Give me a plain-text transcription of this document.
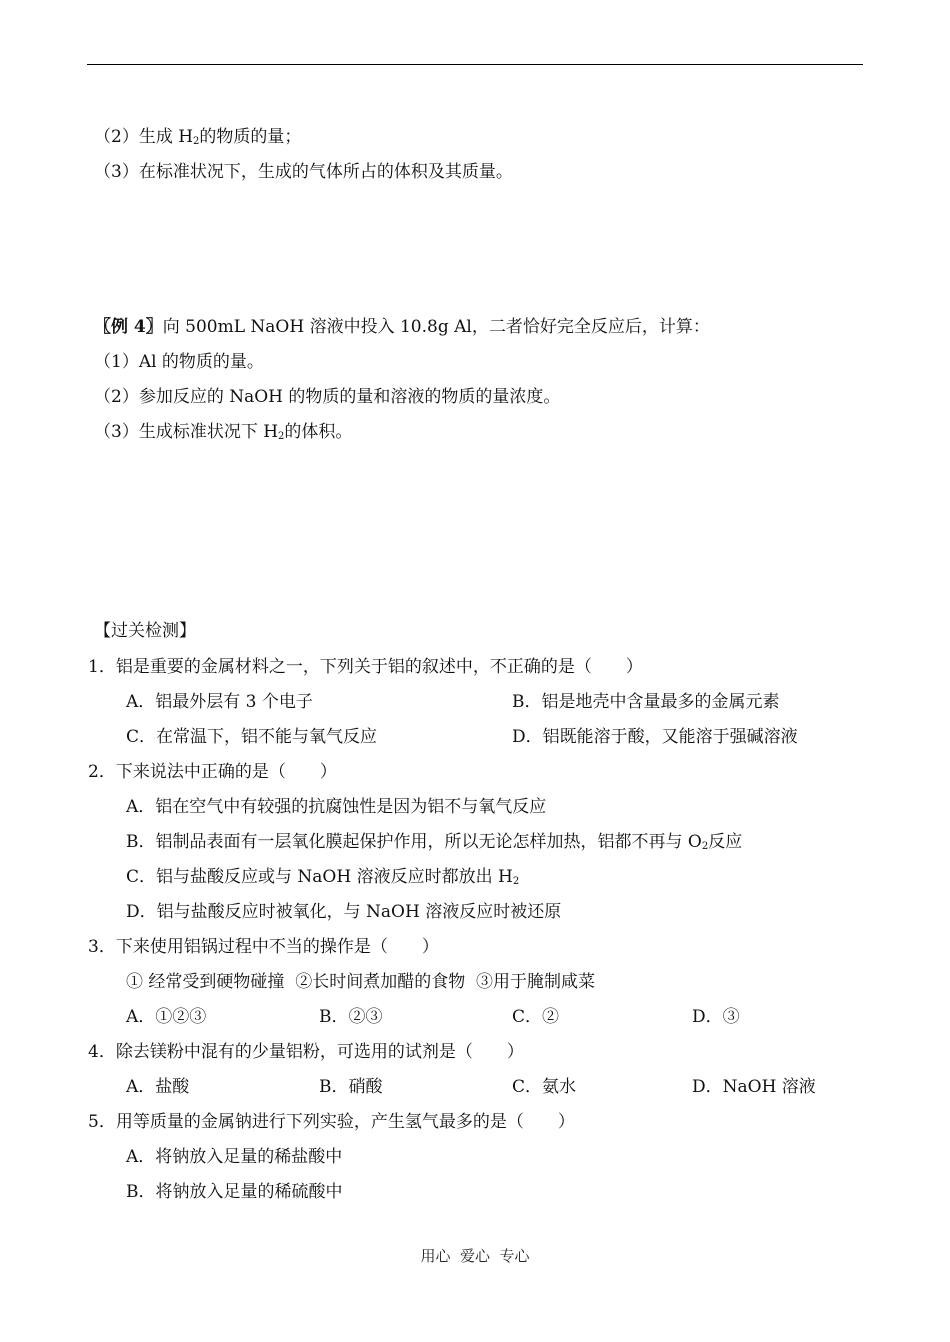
（2）生成 $H_2$的物质的量；
（3）在标准状况下，生成的气体所占的体积及其质量。
〖例 4〗向 500mL NaOH 溶液中投入 10.8g Al，二者恰好完全反应后，计算：
（1）Al 的物质的量。
（2）参加反应的 NaOH 的物质的量和溶液的物质的量浓度。
（3）生成标准状况下 $H_2$的体积。
【过关检测】
1．铝是重要的金属材料之一，下列关于铝的叙述中，不正确的是（　　）
A．铝最外层有 3 个电子	B．铝是地壳中含量最多的金属元素
C．在常温下，铝不能与氧气反应	D．铝既能溶于酸，又能溶于强碱溶液
2．下来说法中正确的是（　　）
A．铝在空气中有较强的抗腐蚀性是因为铝不与氧气反应
B．铝制品表面有一层氧化膜起保护作用，所以无论怎样加热，铝都不再与 $O_2$反应
C．铝与盐酸反应或与 NaOH 溶液反应时都放出 $H_2$
D．铝与盐酸反应时被氧化，与 NaOH 溶液反应时被还原
3．下来使用铝锅过程中不当的操作是（　　）
① 经常受到硬物碰撞  ②长时间煮加醋的食物  ③用于腌制咸菜
A．①②③	B．②③	C．②	D．③
4．除去镁粉中混有的少量铝粉，可选用的试剂是（　　）
A．盐酸	B．硝酸	C．氨水	D．NaOH 溶液
5．用等质量的金属钠进行下列实验，产生氢气最多的是（　　）
A．将钠放入足量的稀盐酸中
B．将钠放入足量的稀硫酸中
用心  爱心  专心
